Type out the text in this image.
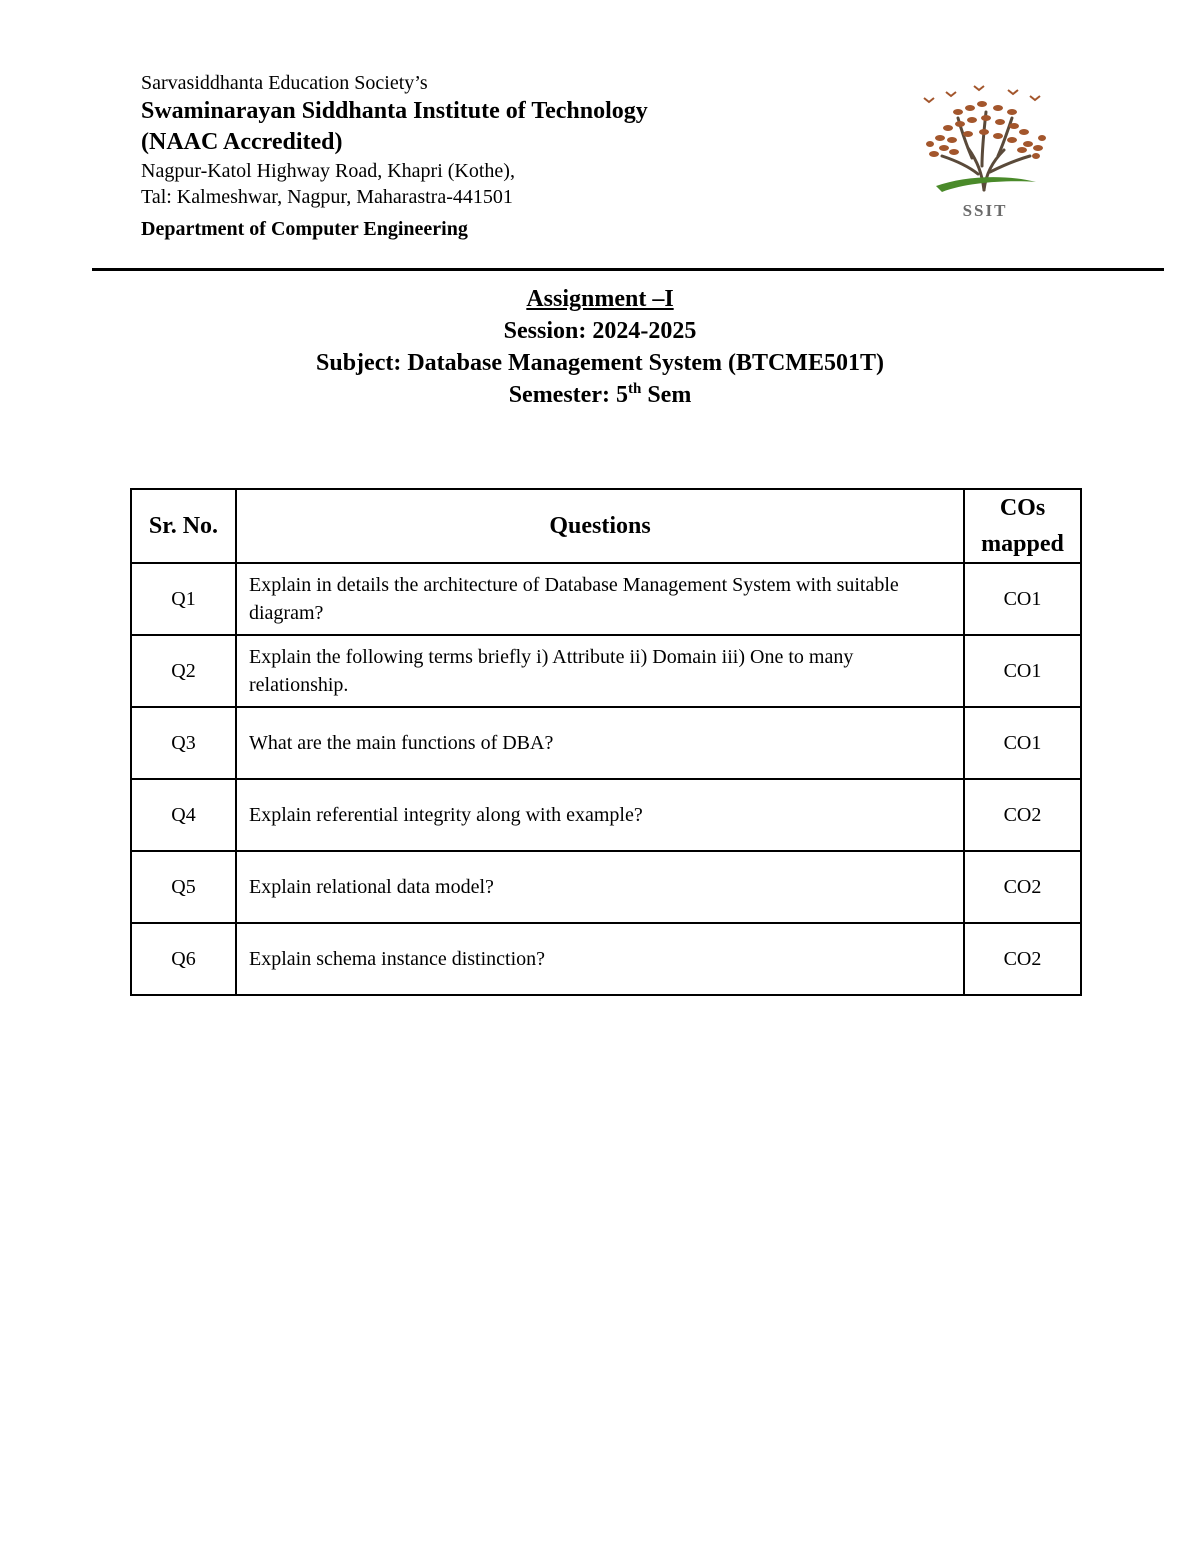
Sarvasiddhanta Education Society’s
Swaminarayan Siddhanta Institute of Technology
(NAAC Accredited)
Nagpur-Katol Highway Road, Khapri (Kothe),
Tal: Kalmeshwar, Nagpur, Maharastra-441501
Department of Computer Engineering
SSIT
Assignment –I
Session: 2024-2025
Subject: Database Management System (BTCME501T)
Semester: 5th Sem
Sr. No.	Questions	COs
mapped

Q1	Explain in details the architecture of Database Management System with suitable diagram?	CO1
Q2	Explain the following terms briefly i) Attribute ii) Domain iii) One to many relationship.	CO1
Q3	What are the main functions of DBA?	CO1
Q4	Explain referential integrity along with example?	CO2
Q5	Explain relational data model?	CO2
Q6	Explain schema instance distinction?	CO2
